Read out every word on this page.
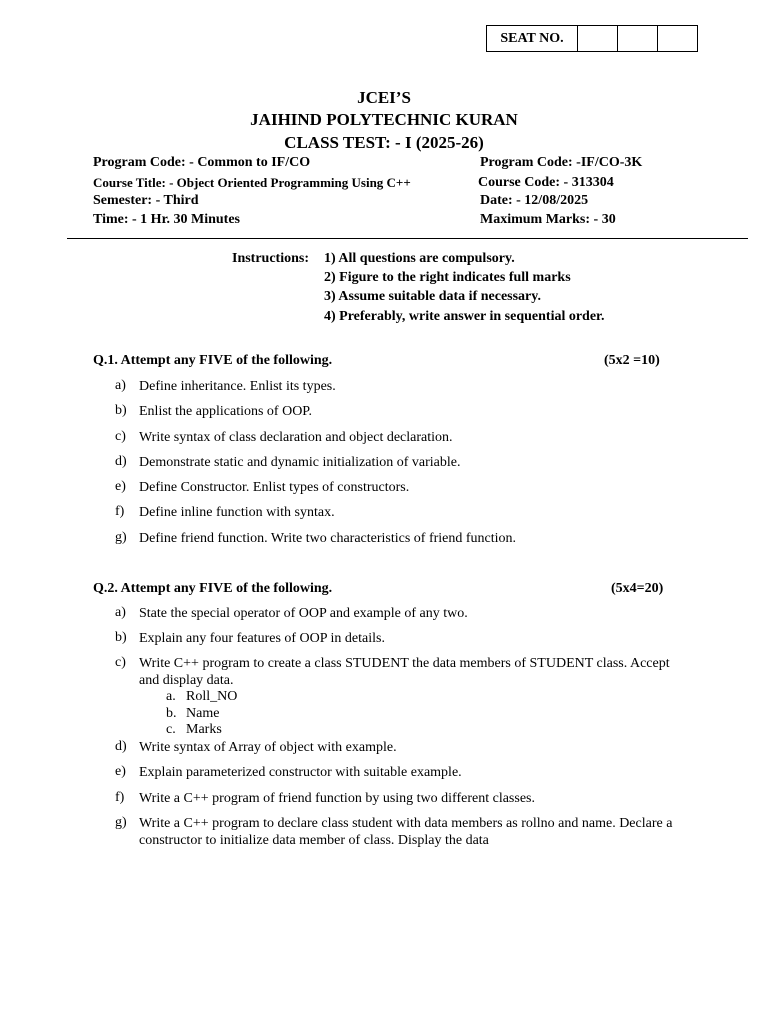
SEAT NO.
JCEI’S
JAIHIND POLYTECHNIC KURAN
CLASS TEST: - I (2025-26)
Program Code: - Common to IF/CO	Program Code: -IF/CO-3K
Course Title: - Object Oriented Programming Using C++	Course Code: - 313304
Semester: - Third	Date: - 12/08/2025
Time: - 1 Hr. 30 Minutes	Maximum Marks: - 30
Instructions: 1) All questions are compulsory.
2) Figure to the right indicates full marks
3) Assume suitable data if necessary.
4) Preferably, write answer in sequential order.
Q.1. Attempt any FIVE of the following.	(5x2 =10)
a) Define inheritance. Enlist its types.
b) Enlist the applications of OOP.
c) Write syntax of class declaration and object declaration.
d) Demonstrate static and dynamic initialization of variable.
e) Define Constructor. Enlist types of constructors.
f)	Define inline function with syntax.
g) Define friend function. Write two characteristics of friend function.
Q.2. Attempt any FIVE of the following.	(5x4=20)
a) State the special operator of OOP and example of any two.
b) Explain any four features of OOP in details.
c) Write C++ program to create a class STUDENT the data members of STUDENT class. Accept and display data.
a. Roll_NO
b. Name
c. Marks
d) Write syntax of Array of object with example.
e) Explain parameterized constructor with suitable example.
f)	Write a C++ program of friend function by using two different classes.
g) Write a C++ program to declare class student with data members as rollno and name. Declare a constructor to initialize data member of class. Display the data
